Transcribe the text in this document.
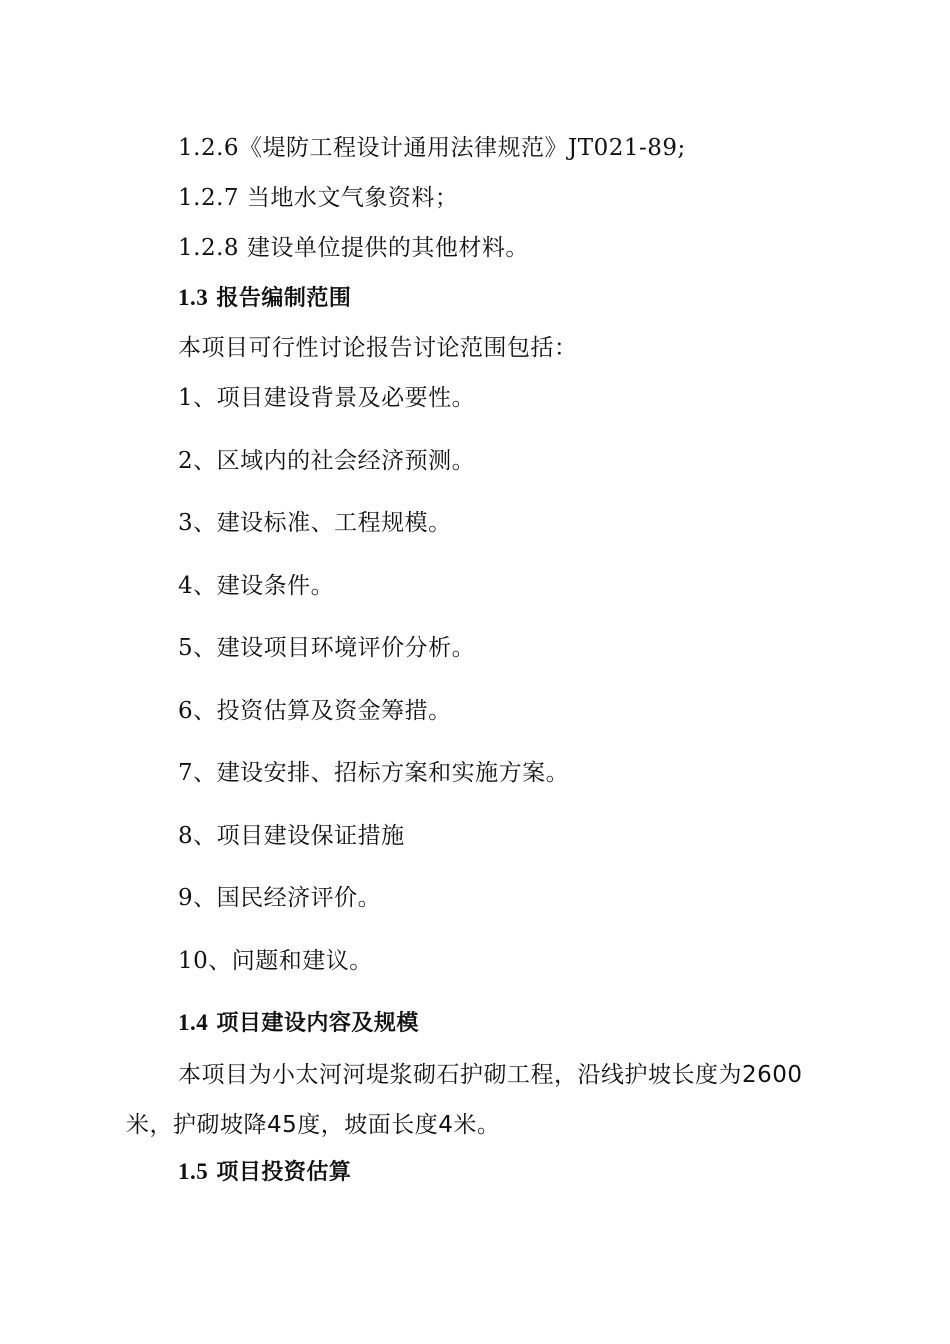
1.2.6《堤防工程设计通用法律规范》JT021-89;
1.2.7 当地水文气象资料；
1.2.8 建设单位提供的其他材料。
1.3 报告编制范围
本项目可行性讨论报告讨论范围包括：
1、项目建设背景及必要性。
2、区域内的社会经济预测。
3、建设标准、工程规模。
4、建设条件。
5、建设项目环境评价分析。
6、投资估算及资金筹措。
7、建设安排、招标方案和实施方案。
8、项目建设保证措施
9、国民经济评价。
10、问题和建议。
1.4 项目建设内容及规模
本项目为小太河河堤浆砌石护砌工程，沿线护坡长度为2600米，护砌坡降45度，坡面长度4米。
1.5 项目投资估算
